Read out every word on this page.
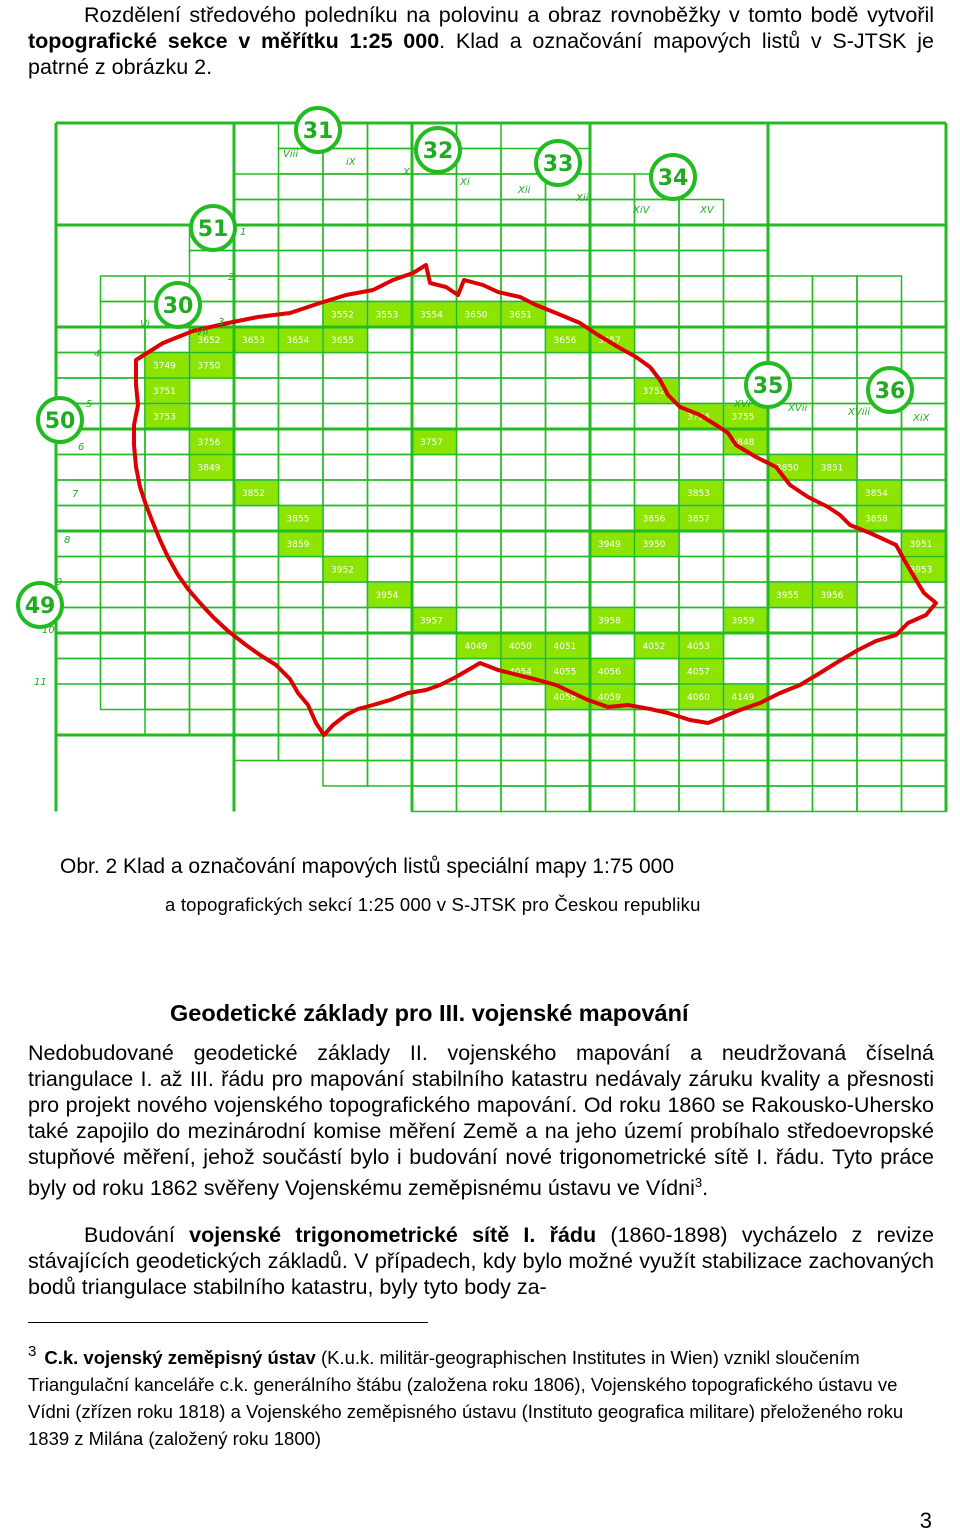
Rozdělení středového poledníku na polovinu a obraz rovnoběžky v tomto bodě vytvořil topografické sekce v měřítku 1:25 000. Klad a označování mapových listů v S-JTSK je patrné z obrázku 2.

3552 3553 3554 3650 3651
3652 3653 3654 3655	3656 3657
3749 3750
3751	3752
3753	3754 3755
3756	3757	3848
3849	3850 3851
3852	3853	3854
3855	3856 3857	3858
3859	3949 3950	3951
3952	3953
3954	3955 3956
3957	3958	3959
4049 4050 4051	4052 4053
4054 4055 4056	4057
4058 4059	4060 4149
31
32
33
34
51
30
35	36
50
49
Viii
iX
X
Xi
Xii
Xiii
XiV	XV
Vi
Vii
XVi	XVii	XViii
XiX
1
2
3
4
5
6
7
8
9
10
11
Obr. 2 Klad a označování mapových listů speciální mapy 1:75 000
a topografických sekcí 1:25 000 v S-JTSK pro Českou republiku
Geodetické základy pro III. vojenské mapování

Nedobudované geodetické základy II. vojenského mapování a neudržovaná číselná triangulace I. až III. řádu pro mapování stabilního katastru nedávaly záruku kvality a přesnosti pro projekt nového vojenského topografického mapování. Od roku 1860 se Rakousko-Uhersko také zapojilo do mezinárodní komise měření Země a na jeho území probíhalo středoevropské stupňové měření, jehož součástí bylo i budování nové trigonometrické sítě I. řádu. Tyto práce byly od roku 1862 svěřeny Vojenskému zeměpisnému ústavu ve Vídni$^3$.

Budování vojenské trigonometrické sítě I. řádu (1860-1898) vycházelo z revize stávajících geodetických základů. V případech, kdy bylo možné využít stabilizace zachovaných bodů triangulace stabilního katastru, byly tyto body za-

$^3$ C.k. vojenský zeměpisný ústav (K.u.k. militär-geographischen Institutes in Wien) vznikl sloučením Triangulační kanceláře c.k. generálního štábu (založena roku 1806), Vojenského topografického ústavu ve Vídni (zřízen roku 1818) a Vojenského zeměpisného ústavu (Instituto geografica militare) přeloženého roku 1839 z Milána (založený roku 1800)

3
